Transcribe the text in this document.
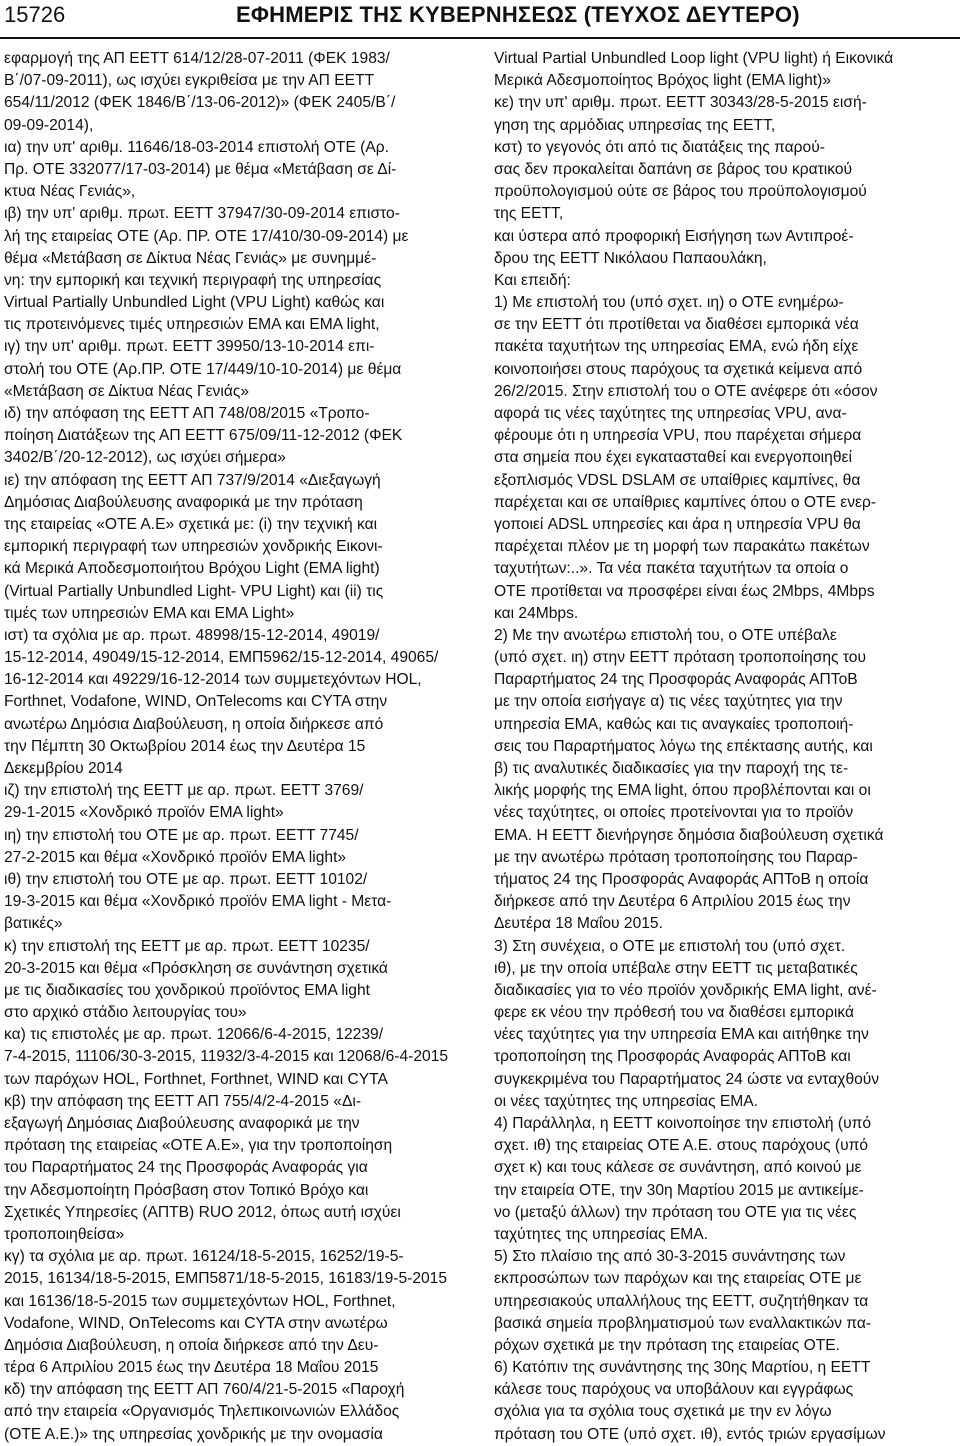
15726	ΕΦΗΜΕΡΙΣ ΤΗΣ ΚΥΒΕΡΝΗΣΕΩΣ (ΤΕΥΧΟΣ ΔΕΥΤΕΡΟ)
εφαρμογή της ΑΠ ΕΕΤΤ 614/12/28-07-2011 (ΦΕΚ 1983/
Β΄/07-09-2011), ως ισχύει εγκριθείσα με την ΑΠ ΕΕΤΤ
654/11/2012 (ΦΕΚ 1846/Β΄/13-06-2012)» (ΦΕΚ 2405/Β΄/
09-09-2014),
ια) την υπ' αριθμ. 11646/18-03-2014 επιστολή ΟΤΕ (Αρ.
Πρ. ΟΤΕ 332077/17-03-2014) με θέμα «Μετάβαση σε Δί-
κτυα Νέας Γενιάς»,
ιβ) την υπ' αριθμ. πρωτ. ΕΕΤΤ 37947/30-09-2014 επιστο-
λή της εταιρείας ΟΤΕ (Αρ. ΠΡ. ΟΤΕ 17/410/30-09-2014) με
θέμα «Μετάβαση σε Δίκτυα Νέας Γενιάς» με συνημμέ-
νη: την εμπορική και τεχνική περιγραφή της υπηρεσίας
Virtual Partially Unbundled Light (VPU Light) καθώς και
τις προτεινόμενες τιμές υπηρεσιών ΕΜΑ και ΕΜΑ light,
ιγ) την υπ' αριθμ. πρωτ. ΕΕΤΤ 39950/13-10-2014 επι-
στολή του ΟΤΕ (Αρ.ΠΡ. ΟΤΕ 17/449/10-10-2014) με θέμα
«Μετάβαση σε Δίκτυα Νέας Γενιάς»
ιδ) την απόφαση της ΕΕΤΤ ΑΠ 748/08/2015 «Τροπο-
ποίηση Διατάξεων της ΑΠ ΕΕΤΤ 675/09/11-12-2012 (ΦΕΚ
3402/Β΄/20-12-2012), ως ισχύει σήμερα»
ιε) την απόφαση της ΕΕΤΤ ΑΠ 737/9/2014 «Διεξαγωγή
Δημόσιας Διαβούλευσης αναφορικά με την πρόταση
της εταιρείας «ΟΤΕ Α.Ε» σχετικά με: (i) την τεχνική και
εμπορική περιγραφή των υπηρεσιών χονδρικής Εικονι-
κά Μερικά Αποδεσμοποιήτου Βρόχου Light (ΕΜΑ light)
(Virtual Partially Unbundled Light- VPU Light) και (ii) τις
τιμές των υπηρεσιών ΕΜΑ και ΕΜΑ Light»
ιστ) τα σχόλια με αρ. πρωτ. 48998/15-12-2014, 49019/
15-12-2014, 49049/15-12-2014, ΕΜΠ5962/15-12-2014, 49065/
16-12-2014 και 49229/16-12-2014 των συμμετεχόντων HOL,
Forthnet, Vodafone, WIND, OnTelecoms και CYTA στην
ανωτέρω Δημόσια Διαβούλευση, η οποία διήρκεσε από
την Πέμπτη 30 Οκτωβρίου 2014 έως την Δευτέρα 15
Δεκεμβρίου 2014
ιζ) την επιστολή της ΕΕΤΤ με αρ. πρωτ. ΕΕΤΤ 3769/
29-1-2015 «Χονδρικό προϊόν ΕΜΑ light»
ιη) την επιστολή του ΟΤΕ με αρ. πρωτ. ΕΕΤΤ 7745/
27-2-2015 και θέμα «Χονδρικό προϊόν ΕΜΑ light»
ιθ) την επιστολή του ΟΤΕ με αρ. πρωτ. ΕΕΤΤ 10102/
19-3-2015 και θέμα «Χονδρικό προϊόν ΕΜΑ light - Μετα-
βατικές»
κ) την επιστολή της ΕΕΤΤ με αρ. πρωτ. ΕΕΤΤ 10235/
20-3-2015 και θέμα «Πρόσκληση σε συνάντηση σχετικά
με τις διαδικασίες του χονδρικού προϊόντος ΕΜΑ light
στο αρχικό στάδιο λειτουργίας του»
κα) τις επιστολές με αρ. πρωτ. 12066/6-4-2015, 12239/
7-4-2015, 11106/30-3-2015, 11932/3-4-2015 και 12068/6-4-2015
των παρόχων HOL, Forthnet, Forthnet, WIND και CYTA
κβ) την απόφαση της ΕΕΤΤ ΑΠ 755/4/2-4-2015 «Δι-
εξαγωγή Δημόσιας Διαβούλευσης αναφορικά με την
πρόταση της εταιρείας «ΟΤΕ Α.Ε», για την τροποποίηση
του Παραρτήματος 24 της Προσφοράς Αναφοράς για
την Αδεσμοποίητη Πρόσβαση στον Τοπικό Βρόχο και
Σχετικές Υπηρεσίες (ΑΠΤΒ) RUO 2012, όπως αυτή ισχύει
τροποποιηθείσα»
κγ) τα σχόλια με αρ. πρωτ. 16124/18-5-2015, 16252/19-5-
2015, 16134/18-5-2015, ΕΜΠ5871/18-5-2015, 16183/19-5-2015
και 16136/18-5-2015 των συμμετεχόντων HOL, Forthnet,
Vodafone, WIND, OnTelecoms και CYTA στην ανωτέρω
Δημόσια Διαβούλευση, η οποία διήρκεσε από την Δευ-
τέρα 6 Απριλίου 2015 έως την Δευτέρα 18 Μαΐου 2015
κδ) την απόφαση της ΕΕΤΤ ΑΠ 760/4/21-5-2015 «Παροχή
από την εταιρεία «Οργανισμός Τηλεπικοινωνιών Ελλάδος
(ΟΤΕ Α.Ε.)» της υπηρεσίας χονδρικής με την ονομασία
Virtual Partial Unbundled Loop light (VPU light) ή Εικονικά
Μερικά Αδεσμοποίητος Βρόχος light (ΕΜΑ light)»
κε) την υπ' αριθμ. πρωτ. ΕΕΤΤ 30343/28-5-2015 εισή-
γηση της αρμόδιας υπηρεσίας της ΕΕΤΤ,
κστ) το γεγονός ότι από τις διατάξεις της παρού-
σας δεν προκαλείται δαπάνη σε βάρος του κρατικού
προϋπολογισμού ούτε σε βάρος του προϋπολογισμού
της ΕΕΤΤ,
και ύστερα από προφορική Εισήγηση των Αντιπροέ-
δρου της ΕΕΤΤ Νικόλαου Παπαουλάκη,
Και επειδή:
1) Με επιστολή του (υπό σχετ. ιη) ο ΟΤΕ ενημέρω-
σε την ΕΕΤΤ ότι προτίθεται να διαθέσει εμπορικά νέα
πακέτα ταχυτήτων της υπηρεσίας ΕΜΑ, ενώ ήδη είχε
κοινοποιήσει στους παρόχους τα σχετικά κείμενα από
26/2/2015. Στην επιστολή του ο ΟΤΕ ανέφερε ότι «όσον
αφορά τις νέες ταχύτητες της υπηρεσίας VPU, ανα-
φέρουμε ότι η υπηρεσία VPU, που παρέχεται σήμερα
στα σημεία που έχει εγκατασταθεί και ενεργοποιηθεί
εξοπλισμός VDSL DSLAM σε υπαίθριες καμπίνες, θα
παρέχεται και σε υπαίθριες καμπίνες όπου ο ΟΤΕ ενερ-
γοποιεί ADSL υπηρεσίες και άρα η υπηρεσία VPU θα
παρέχεται πλέον με τη μορφή των παρακάτω πακέτων
ταχυτήτων:..». Τα νέα πακέτα ταχυτήτων τα οποία ο
ΟΤΕ προτίθεται να προσφέρει είναι έως 2Mbps, 4Mbps
και 24Mbps.
2) Με την ανωτέρω επιστολή του, ο ΟΤΕ υπέβαλε
(υπό σχετ. ιη) στην ΕΕΤΤ πρόταση τροποποίησης του
Παραρτήματος 24 της Προσφοράς Αναφοράς ΑΠΤοΒ
με την οποία εισήγαγε α) τις νέες ταχύτητες για την
υπηρεσία ΕΜΑ, καθώς και τις αναγκαίες τροποποιή-
σεις του Παραρτήματος λόγω της επέκτασης αυτής, και
β) τις αναλυτικές διαδικασίες για την παροχή της τε-
λικής μορφής της ΕΜΑ light, όπου προβλέπονται και οι
νέες ταχύτητες, οι οποίες προτείνονται για το προϊόν
ΕΜΑ. Η ΕΕΤΤ διενήργησε δημόσια διαβούλευση σχετικά
με την ανωτέρω πρόταση τροποποίησης του Παραρ-
τήματος 24 της Προσφοράς Αναφοράς ΑΠΤοΒ η οποία
διήρκεσε από την Δευτέρα 6 Απριλίου 2015 έως την
Δευτέρα 18 Μαΐου 2015.
3) Στη συνέχεια, ο ΟΤΕ με επιστολή του (υπό σχετ.
ιθ), με την οποία υπέβαλε στην ΕΕΤΤ τις μεταβατικές
διαδικασίες για το νέο προϊόν χονδρικής ΕΜΑ light, ανέ-
φερε εκ νέου την πρόθεσή του να διαθέσει εμπορικά
νέες ταχύτητες για την υπηρεσία ΕΜΑ και αιτήθηκε την
τροποποίηση της Προσφοράς Αναφοράς ΑΠΤοΒ και
συγκεκριμένα του Παραρτήματος 24 ώστε να ενταχθούν
οι νέες ταχύτητες της υπηρεσίας ΕΜΑ.
4) Παράλληλα, η ΕΕΤΤ κοινοποίησε την επιστολή (υπό
σχετ. ιθ) της εταιρείας ΟΤΕ Α.Ε. στους παρόχους (υπό
σχετ κ) και τους κάλεσε σε συνάντηση, από κοινού με
την εταιρεία ΟΤΕ, την 30η Μαρτίου 2015 με αντικείμε-
νο (μεταξύ άλλων) την πρόταση του ΟΤΕ για τις νέες
ταχύτητες της υπηρεσίας ΕΜΑ.
5) Στο πλαίσιο της από 30-3-2015 συνάντησης των
εκπροσώπων των παρόχων και της εταιρείας ΟΤΕ με
υπηρεσιακούς υπαλλήλους της ΕΕΤΤ, συζητήθηκαν τα
βασικά σημεία προβληματισμού των εναλλακτικών πα-
ρόχων σχετικά με την πρόταση της εταιρείας ΟΤΕ.
6) Κατόπιν της συνάντησης της 30ης Μαρτίου, η ΕΕΤΤ
κάλεσε τους παρόχους να υποβάλουν και εγγράφως
σχόλια για τα σχόλια τους σχετικά με την εν λόγω
πρόταση του ΟΤΕ (υπό σχετ. ιθ), εντός τριών εργασίμων
